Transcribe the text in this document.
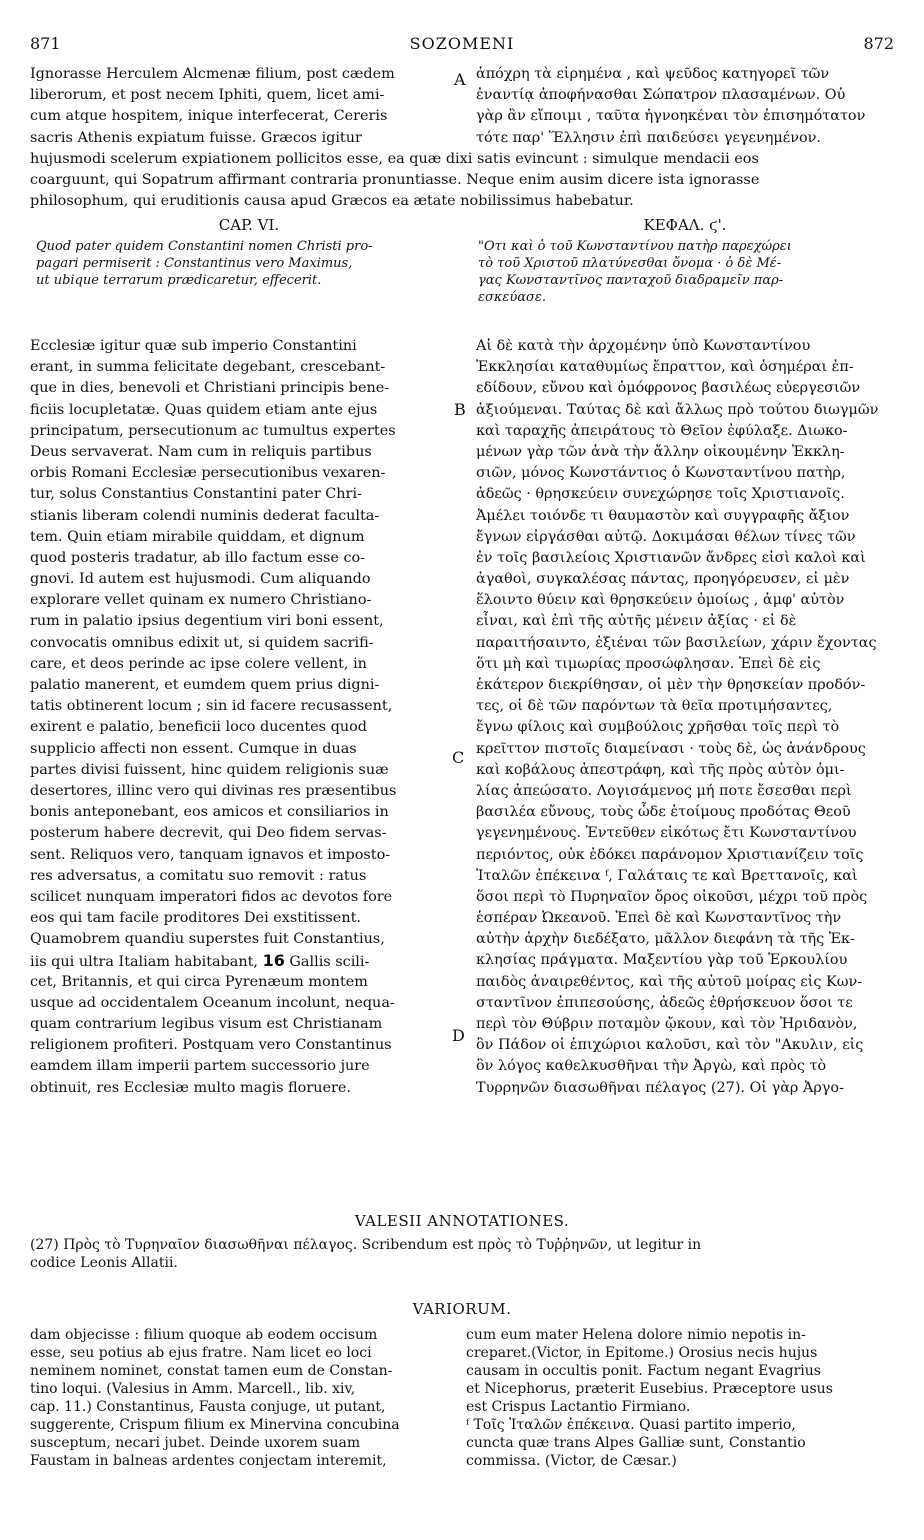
871	SOZOMENI	872
Ignorasse Herculem Alcmenæ filium, post cædem
liberorum, et post necem Iphiti, quem, licet ami-
cum atque hospitem, inique interfecerat, Cereris
sacris Athenis expiatum fuisse. Græcos igitur
ἀπόχρη τὰ εἰρημένα , καὶ ψεῦδος κατηγορεῖ τῶν
ἐναντίᾳ ἀποφήνασθαι Σώπατρον πλασαμένων. Οὐ
γὰρ ἂν εἴποιμι , ταῦτα ἠγνοηκέναι τὸν ἐπισημότατον
τότε παρ' Ἕλλησιν ἐπὶ παιδεύσει γεγενημένον.
A
hujusmodi scelerum expiationem pollicitos esse, ea quæ dixi satis evincunt : simulque mendacii eos
coarguunt, qui Sopatrum affirmant contraria pronuntiasse. Neque enim ausim dicere ista ignorasse
philosophum, qui eruditionis causa apud Græcos ea ætate nobilissimus habebatur.
CAP. VI.	ΚΕΦΑΛ. ϛ'.
Quod pater quidem Constantini nomen Christi pro-
pagari permiserit : Constantinus vero Maximus,
ut ubique terrarum prædicaretur, effecerit.
"Οτι καὶ ὁ τοῦ Κωνσταντίνου πατὴρ παρεχώρει
τὸ τοῦ Χριστοῦ πλατύνεσθαι ὄνομα · ὁ δὲ Μέ-
γας Κωνσταντῖνος πανταχοῦ διαδραμεῖν παρ-
εσκεύασε.
Ecclesiæ igitur quæ sub imperio Constantini
erant, in summa felicitate degebant, crescebant-
que in dies, benevoli et Christiani principis bene-
ficiis locupletatæ. Quas quidem etiam ante ejus
principatum, persecutionum ac tumultus expertes
Deus servaverat. Nam cum in reliquis partibus
orbis Romani Ecclesiæ persecutionibus vexaren-
tur, solus Constantius Constantini pater Chri-
stianis liberam colendi numinis dederat faculta-
tem. Quin etiam mirabile quiddam, et dignum
quod posteris tradatur, ab illo factum esse co-
gnovi. Id autem est hujusmodi. Cum aliquando
explorare vellet quinam ex numero Christiano-
rum in palatio ipsius degentium viri boni essent,
convocatis omnibus edixit ut, si quidem sacrifi-
care, et deos perinde ac ipse colere vellent, in
palatio manerent, et eumdem quem prius digni-
tatis obtinerent locum ; sin id facere recusassent,
exirent e palatio, beneficii loco ducentes quod
supplicio affecti non essent. Cumque in duas
partes divisi fuissent, hinc quidem religionis suæ
desertores, illinc vero qui divinas res præsentibus
bonis anteponebant, eos amicos et consiliarios in
posterum habere decrevit, qui Deo fidem servas-
sent. Reliquos vero, tanquam ignavos et imposto-
res adversatus, a comitatu suo removit : ratus
scilicet nunquam imperatori fidos ac devotos fore
eos qui tam facile proditores Dei exstitissent.
Quamobrem quandiu superstes fuit Constantius,
iis qui ultra Italiam habitabant, 16 Gallis scili-
cet, Britannis, et qui circa Pyrenæum montem
usque ad occidentalem Oceanum incolunt, nequa-
quam contrarium legibus visum est Christianam
religionem profiteri. Postquam vero Constantinus
eamdem illam imperii partem successorio jure
obtinuit, res Ecclesiæ multo magis floruere.
Αἱ δὲ κατὰ τὴν ἀρχομένην ὑπὸ Κωνσταντίνου
Ἐκκλησίαι καταθυμίως ἔπραττον, καὶ ὁσημέραι ἐπ-
εδίδουν, εὔνου καὶ ὁμόφρονος βασιλέως εὐεργεσιῶν
ἀξιούμεναι. Ταύτας δὲ καὶ ἄλλως πρὸ τούτου διωγμῶν
καὶ ταραχῆς ἀπειράτους τὸ Θεῖον ἐφύλαξε. Διωκο-
μένων γὰρ τῶν ἀνὰ τὴν ἄλλην οἰκουμένην Ἐκκλη-
σιῶν, μόνος Κωνστάντιος ὁ Κωνσταντίνου πατὴρ,
ἀδεῶς · θρησκεύειν συνεχώρησε τοῖς Χριστιανοῖς.
Ἀμέλει τοιόνδε τι θαυμαστὸν καὶ συγγραφῆς ἄξιον
ἔγνων εἰργάσθαι αὐτῷ. Δοκιμάσαι θέλων τίνες τῶν
ἐν τοῖς βασιλείοις Χριστιανῶν ἄνδρες εἰσὶ καλοὶ καὶ
ἀγαθοὶ, συγκαλέσας πάντας, προηγόρευσεν, εἰ μὲν
ἕλοιντο θύειν καὶ θρησκεύειν ὁμοίως , ἀμφ' αὐτὸν
εἶναι, καὶ ἐπὶ τῆς αὐτῆς μένειν ἀξίας · εἰ δὲ
παραιτήσαιντο, ἐξιέναι τῶν βασιλείων, χάριν ἔχοντας
ὅτι μὴ καὶ τιμωρίας προσώφλησαν. Ἐπεὶ δὲ εἰς
ἑκάτερον διεκρίθησαν, οἱ μὲν τὴν θρησκείαν προδόν-
τες, οἱ δὲ τῶν παρόντων τὰ θεῖα προτιμήσαντες,
ἔγνω φίλοις καὶ συμβούλοις χρῆσθαι τοῖς περὶ τὸ
κρεῖττον πιστοῖς διαμείνασι · τοὺς δὲ, ὡς ἀνάνδρους
καὶ κοβάλους ἀπεστράφη, καὶ τῆς πρὸς αὐτὸν ὁμι-
λίας ἀπεώσατο. Λογισάμενος μή ποτε ἔσεσθαι περὶ
βασιλέα εὔνους, τοὺς ὧδε ἑτοίμους προδότας Θεοῦ
γεγενημένους. Ἐντεῦθεν εἰκότως ἔτι Κωνσταντίνου
περιόντος, οὐκ ἐδόκει παράνομον Χριστιανίζειν τοῖς
Ἰταλῶν ἐπέκεινα ᶠ, Γαλάταις τε καὶ Βρεττανοῖς, καὶ
ὅσοι περὶ τὸ Πυρηναῖον ὄρος οἰκοῦσι, μέχρι τοῦ πρὸς
ἑσπέραν Ὠκεανοῦ. Ἐπεὶ δὲ καὶ Κωνσταντῖνος τὴν
αὐτὴν ἀρχὴν διεδέξατο, μᾶλλον διεφάνη τὰ τῆς Ἐκ-
κλησίας πράγματα. Μαξεντίου γὰρ τοῦ Ἑρκουλίου
παιδὸς ἀναιρεθέντος, καὶ τῆς αὐτοῦ μοίρας εἰς Κων-
σταντῖνον ἐπιπεσούσης, ἀδεῶς ἐθρήσκευον ὅσοι τε
περὶ τὸν Θύβριν ποταμὸν ᾤκουν, καὶ τὸν Ἠριδανὸν,
ὃν Πάδον οἱ ἐπιχώριοι καλοῦσι, καὶ τὸν "Ακυλιν, εἰς
ὃν λόγος καθελκυσθῆναι τὴν Ἀργὼ, καὶ πρὸς τὸ
Τυρρηνῶν διασωθῆναι πέλαγος (27). Οἱ γὰρ Ἀργο-
B
C
D
VALESII ANNOTATIONES.
(27) Πρὸς τὸ Τυρηναῖον διασωθῆναι πέλαγος. Scribendum est πρὸς τὸ Τυῤῥηνῶν, ut legitur in
codice Leonis Allatii.
VARIORUM.
dam objecisse : filium quoque ab eodem occisum
esse, seu potius ab ejus fratre. Nam licet eo loci
neminem nominet, constat tamen eum de Constan-
tino loqui. (Valesius in Amm. Marcell., lib. xiv,
cap. 11.) Constantinus, Fausta conjuge, ut putant,
suggerente, Crispum filium ex Minervina concubina
susceptum, necari jubet. Deinde uxorem suam
Faustam in balneas ardentes conjectam interemit,
cum eum mater Helena dolore nimio nepotis in-
creparet.(Victor, in Epitome.) Orosius necis hujus
causam in occultis ponit. Factum negant Evagrius
et Nicephorus, præterit Eusebius. Præceptore usus
est Crispus Lactantio Firmiano.
ᶠ Τοῖς Ἰταλῶν ἐπέκεινα. Quasi partito imperio,
cuncta quæ trans Alpes Galliæ sunt, Constantio
commissa. (Victor, de Cæsar.)
